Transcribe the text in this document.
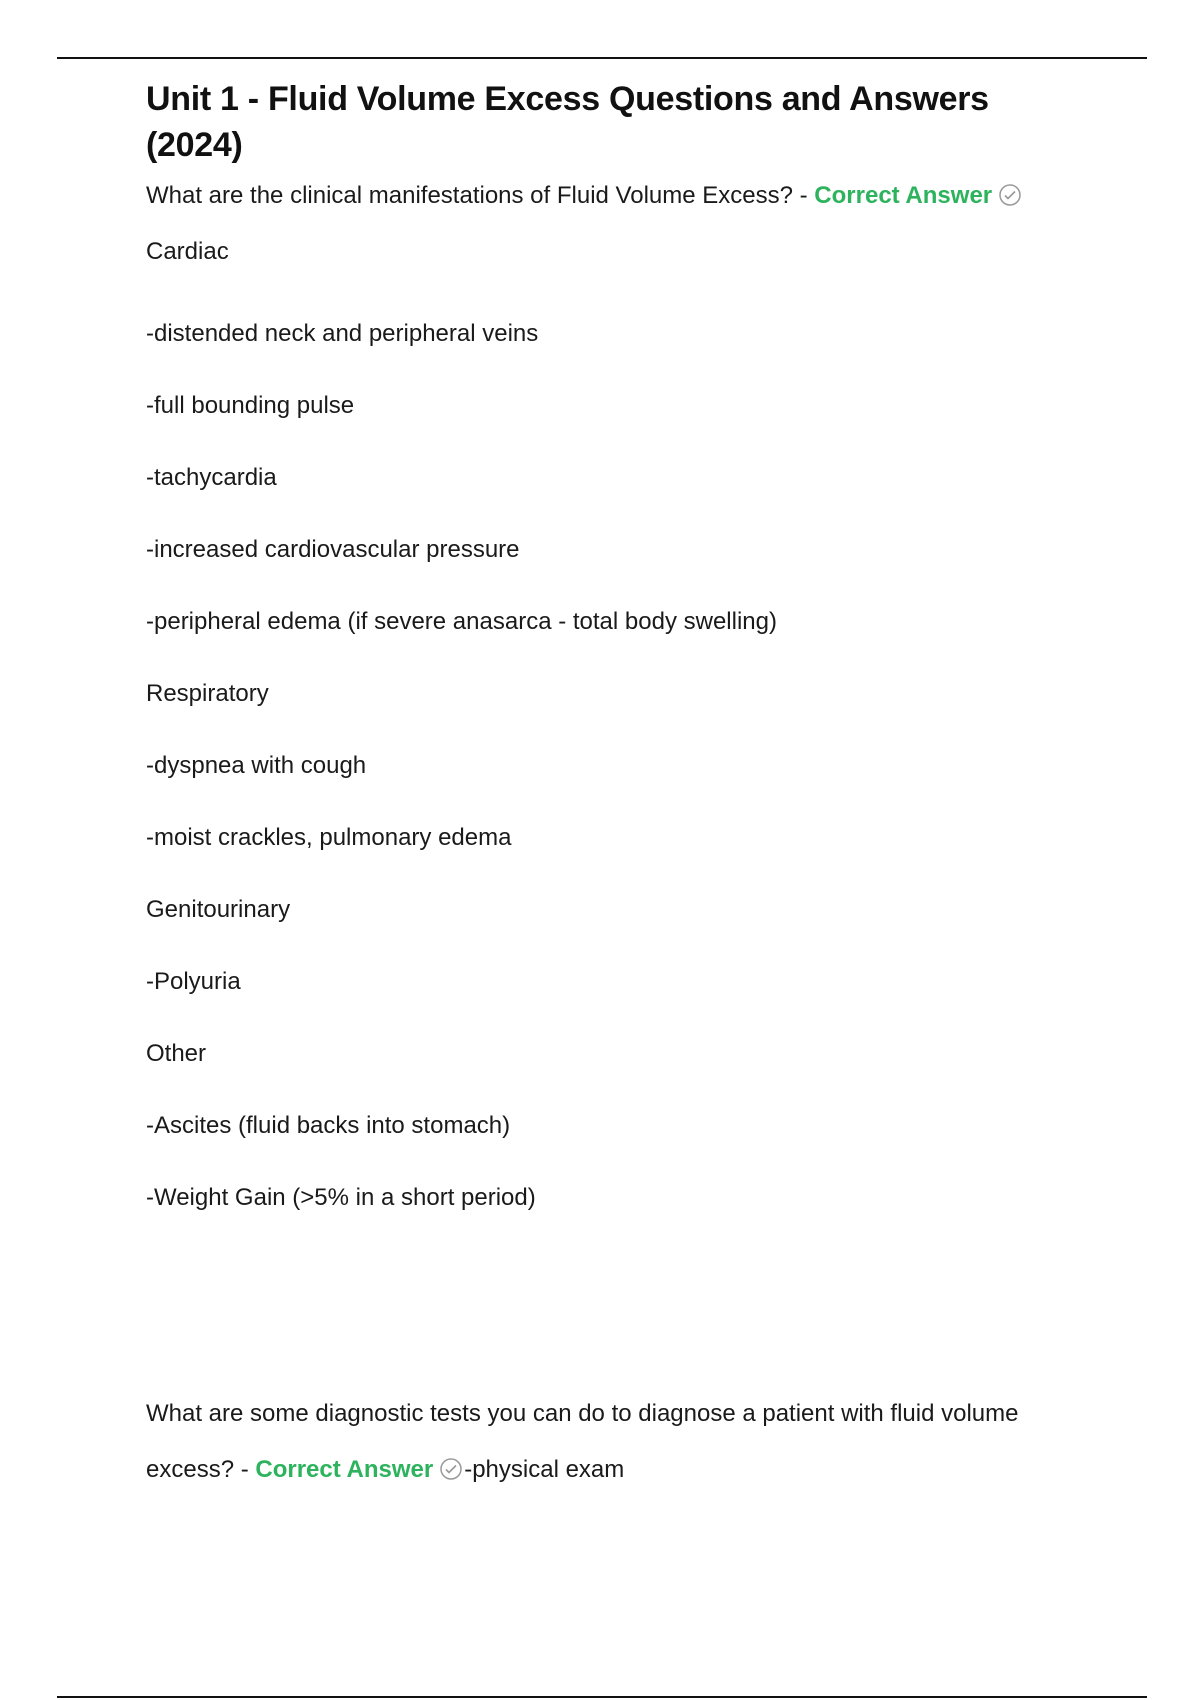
Unit 1 - Fluid Volume Excess Questions and Answers (2024)

What are the clinical manifestations of Fluid Volume Excess? - Correct AnswerCardiac

-distended neck and peripheral veins
-full bounding pulse
-tachycardia
-increased cardiovascular pressure
-peripheral edema (if severe anasarca - total body swelling)
Respiratory
-dyspnea with cough
-moist crackles, pulmonary edema
Genitourinary
-Polyuria
Other
-Ascites (fluid backs into stomach)
-Weight Gain (>5% in a short period)

What are some diagnostic tests you can do to diagnose a patient with fluid volume excess? - Correct Answer -physical exam
